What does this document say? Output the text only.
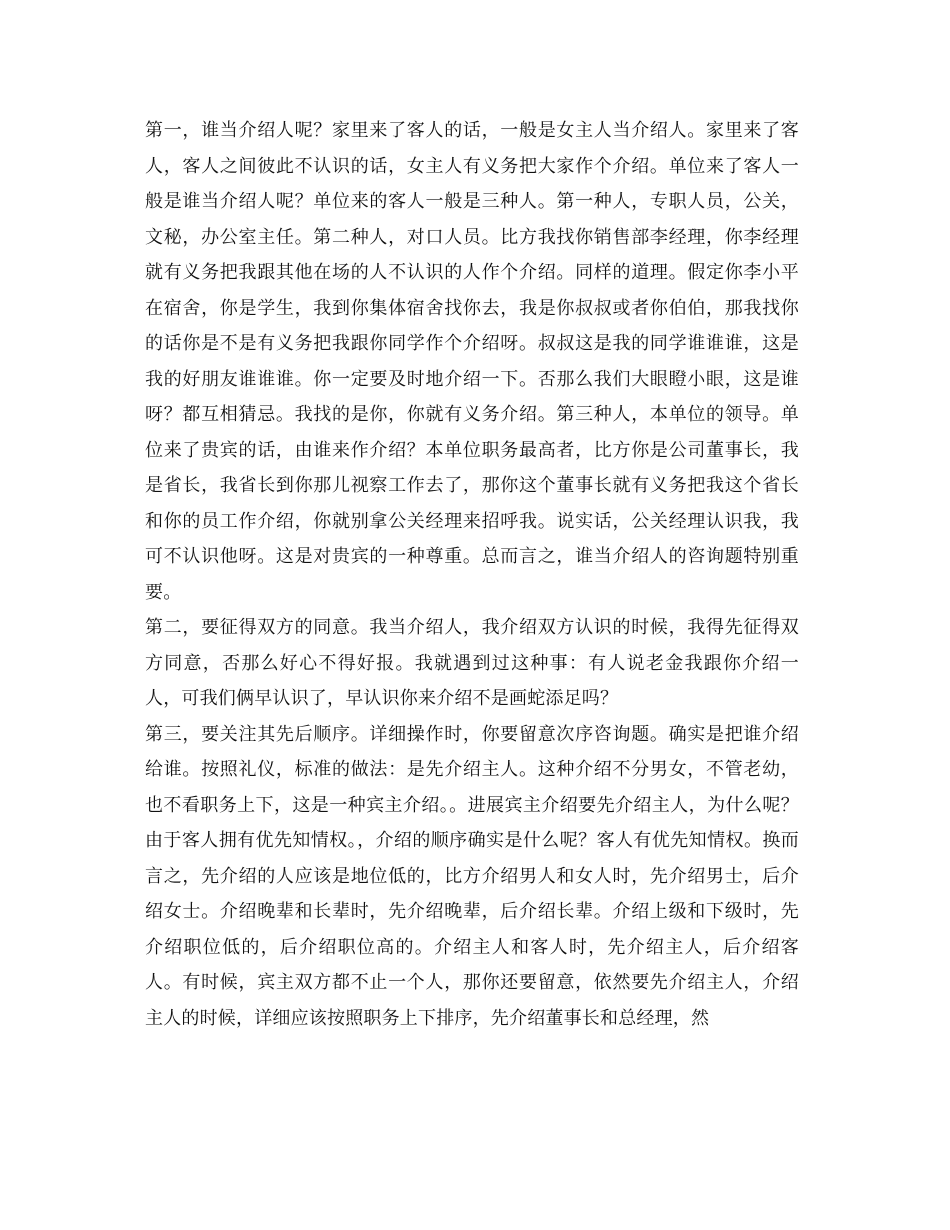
第一，谁当介绍人呢？家里来了客人的话，一般是女主人当介绍人。家里来了客人，客人之间彼此不认识的话，女主人有义务把大家作个介绍。单位来了客人一般是谁当介绍人呢？单位来的客人一般是三种人。第一种人，专职人员，公关，文秘，办公室主任。第二种人，对口人员。比方我找你销售部李经理，你李经理就有义务把我跟其他在场的人不认识的人作个介绍。同样的道理。假定你李小平在宿舍，你是学生，我到你集体宿舍找你去，我是你叔叔或者你伯伯，那我找你的话你是不是有义务把我跟你同学作个介绍呀。叔叔这是我的同学谁谁谁，这是我的好朋友谁谁谁。你一定要及时地介绍一下。否那么我们大眼瞪小眼，这是谁呀？都互相猜忌。我找的是你，你就有义务介绍。第三种人，本单位的领导。单位来了贵宾的话，由谁来作介绍？本单位职务最高者，比方你是公司董事长，我是省长，我省长到你那儿视察工作去了，那你这个董事长就有义务把我这个省长和你的员工作介绍，你就别拿公关经理来招呼我。说实话，公关经理认识我，我可不认识他呀。这是对贵宾的一种尊重。总而言之，谁当介绍人的咨询题特别重要。

第二，要征得双方的同意。我当介绍人，我介绍双方认识的时候，我得先征得双方同意，否那么好心不得好报。我就遇到过这种事：有人说老金我跟你介绍一人，可我们俩早认识了，早认识你来介绍不是画蛇添足吗？

第三，要关注其先后顺序。详细操作时，你要留意次序咨询题。确实是把谁介绍给谁。按照礼仪，标准的做法：是先介绍主人。这种介绍不分男女，不管老幼，也不看职务上下，这是一种宾主介绍。。进展宾主介绍要先介绍主人，为什么呢？由于客人拥有优先知情权。，介绍的顺序确实是什么呢？客人有优先知情权。换而言之，先介绍的人应该是地位低的，比方介绍男人和女人时，先介绍男士，后介绍女士。介绍晚辈和长辈时，先介绍晚辈，后介绍长辈。介绍上级和下级时，先介绍职位低的，后介绍职位高的。介绍主人和客人时，先介绍主人，后介绍客人。有时候，宾主双方都不止一个人，那你还要留意，依然要先介绍主人，介绍主人的时候，详细应该按照职务上下排序，先介绍董事长和总经理，然
